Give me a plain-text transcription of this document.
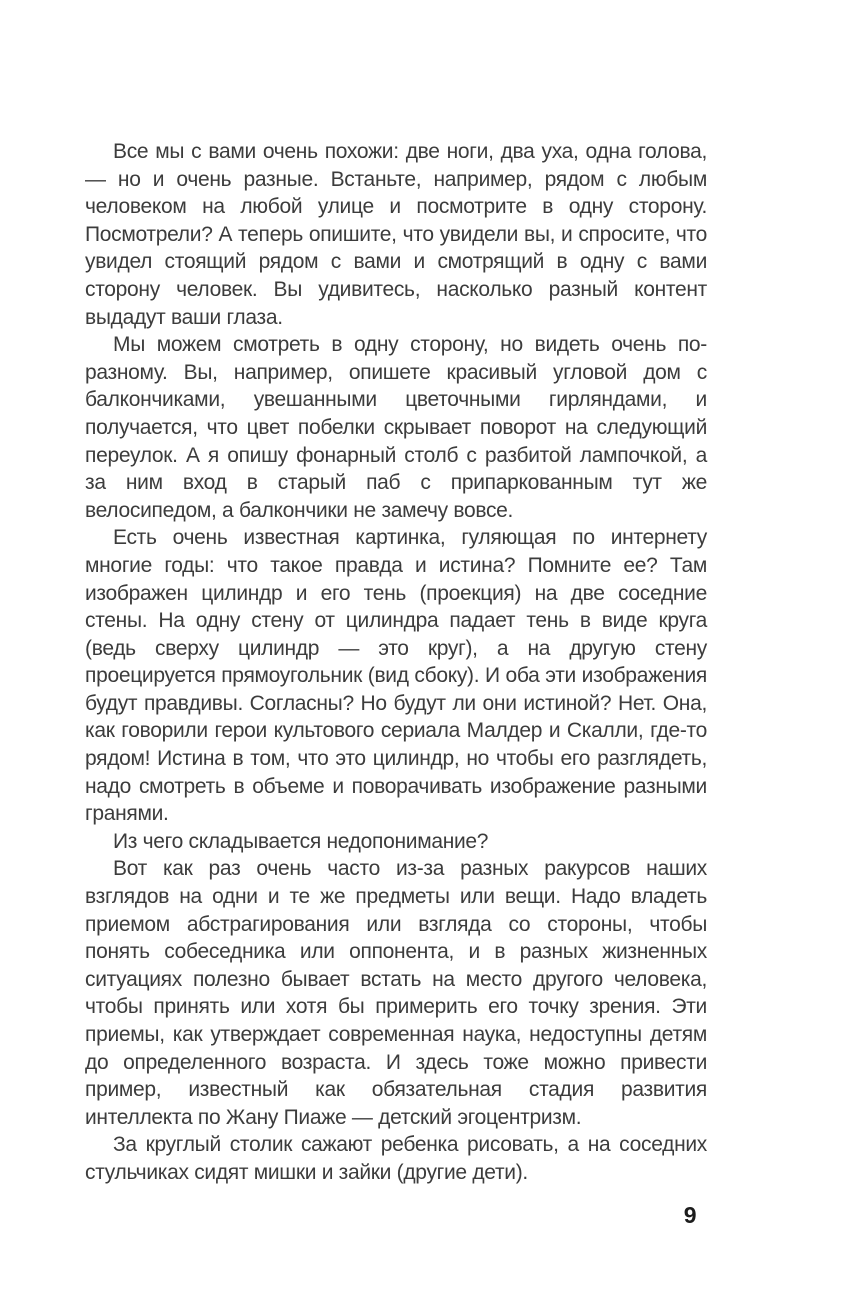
Все мы с вами очень похожи: две ноги, два уха, одна голова, — но и очень разные. Встаньте, например, рядом с любым человеком на любой улице и посмотрите в одну сторону. Посмотрели? А теперь опишите, что увидели вы, и спросите, что увидел стоящий рядом с вами и смотрящий в одну с вами сторону человек. Вы удивитесь, насколько разный контент выдадут ваши глаза.

Мы можем смотреть в одну сторону, но видеть очень по-разному. Вы, например, опишете красивый угловой дом с балкончиками, увешанными цветочными гирляндами, и получается, что цвет побелки скрывает поворот на следующий переулок. А я опишу фонарный столб с разбитой лампочкой, а за ним вход в старый паб с припаркованным тут же велосипедом, а балкончики не замечу вовсе.

Есть очень известная картинка, гуляющая по интернету многие годы: что такое правда и истина? Помните ее? Там изображен цилиндр и его тень (проекция) на две соседние стены. На одну стену от цилиндра падает тень в виде круга (ведь сверху цилиндр — это круг), а на другую стену проецируется прямоугольник (вид сбоку). И оба эти изображения будут правдивы. Согласны? Но будут ли они истиной? Нет. Она, как говорили герои культового сериала Малдер и Скалли, где-то рядом! Истина в том, что это цилиндр, но чтобы его разглядеть, надо смотреть в объеме и поворачивать изображение разными гранями.

Из чего складывается недопонимание?

Вот как раз очень часто из-за разных ракурсов наших взглядов на одни и те же предметы или вещи. Надо владеть приемом абстрагирования или взгляда со стороны, чтобы понять собеседника или оппонента, и в разных жизненных ситуациях полезно бывает встать на место другого человека, чтобы принять или хотя бы примерить его точку зрения. Эти приемы, как утверждает современная наука, недоступны детям до определенного возраста. И здесь тоже можно привести пример, известный как обязательная стадия развития интеллекта по Жану Пиаже — детский эгоцентризм.

За круглый столик сажают ребенка рисовать, а на соседних стульчиках сидят мишки и зайки (другие дети).

9
